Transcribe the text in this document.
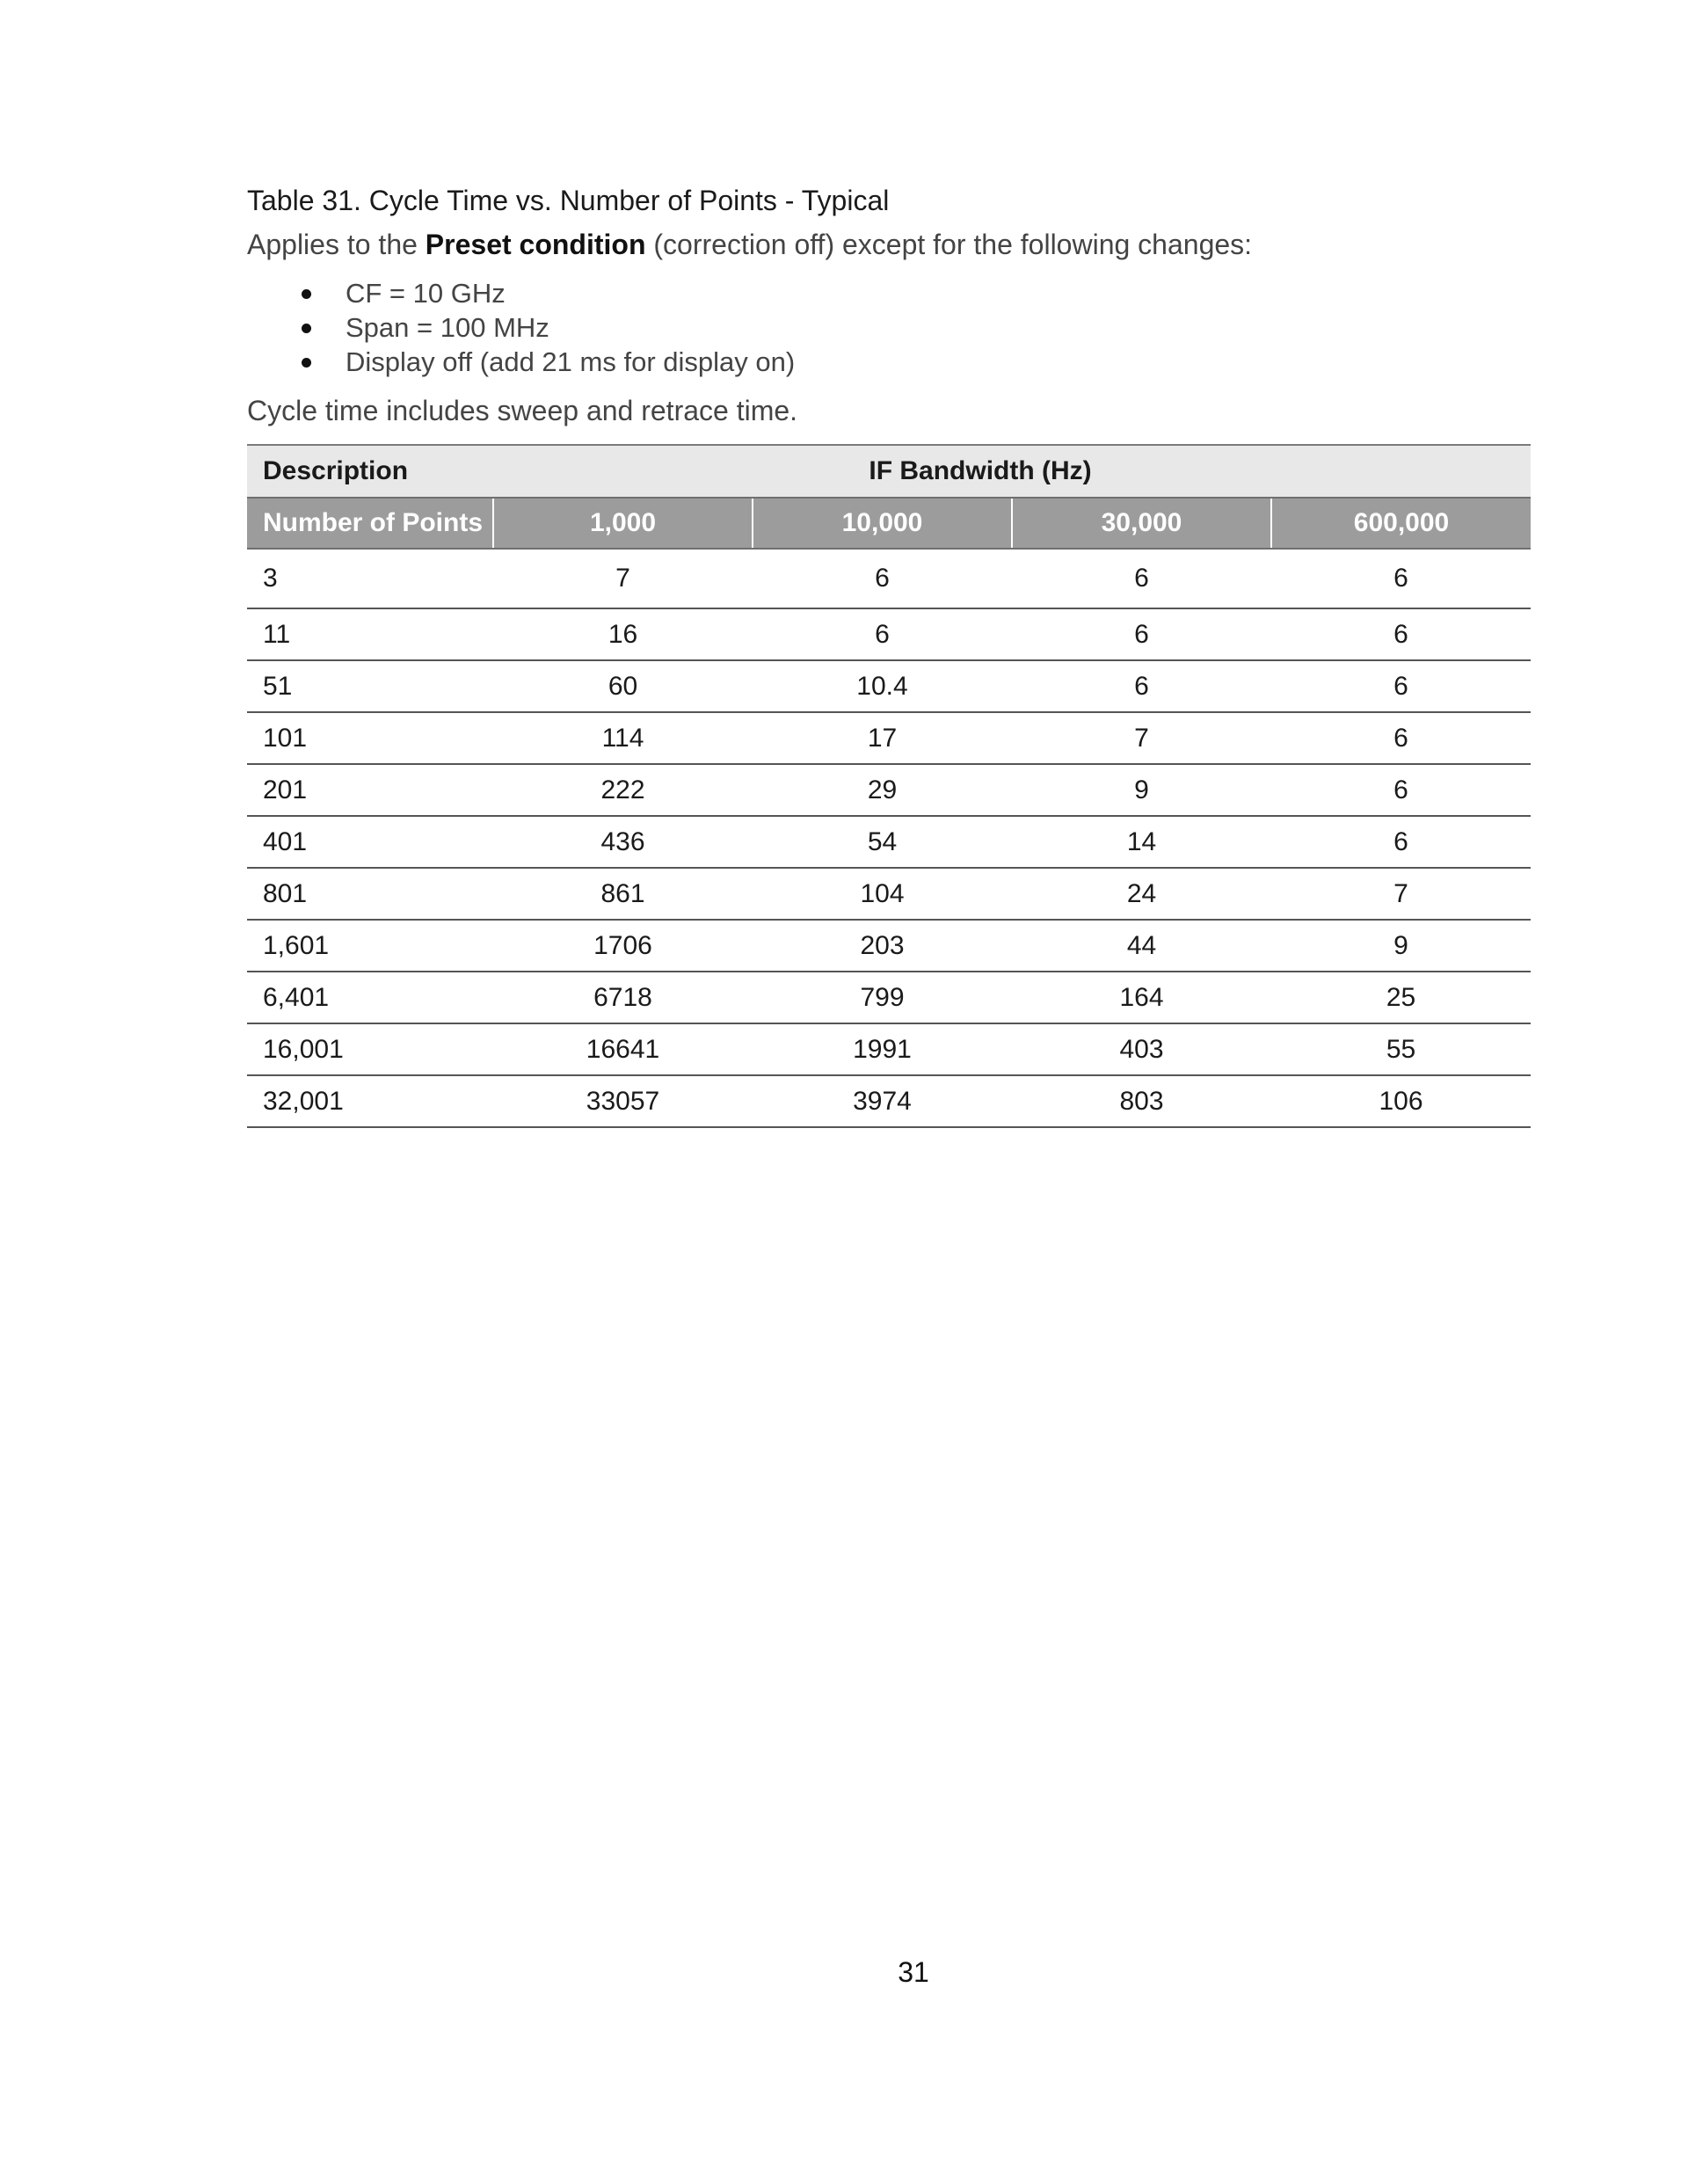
Table 31. Cycle Time vs. Number of Points - Typical

Applies to the Preset condition (correction off) except for the following changes:

CF = 10 GHz
Span = 100 MHz
Display off (add 21 ms for display on)

Cycle time includes sweep and retrace time.

Description	IF Bandwidth (Hz)			
Number of Points	1,000	10,000	30,000	600,000
3	7	6	6	6
11	16	6	6	6
51	60	10.4	6	6
101	114	17	7	6
201	222	29	9	6
401	436	54	14	6
801	861	104	24	7
1,601	1706	203	44	9
6,401	6718	799	164	25
16,001	16641	1991	403	55
32,001	33057	3974	803	106
31
